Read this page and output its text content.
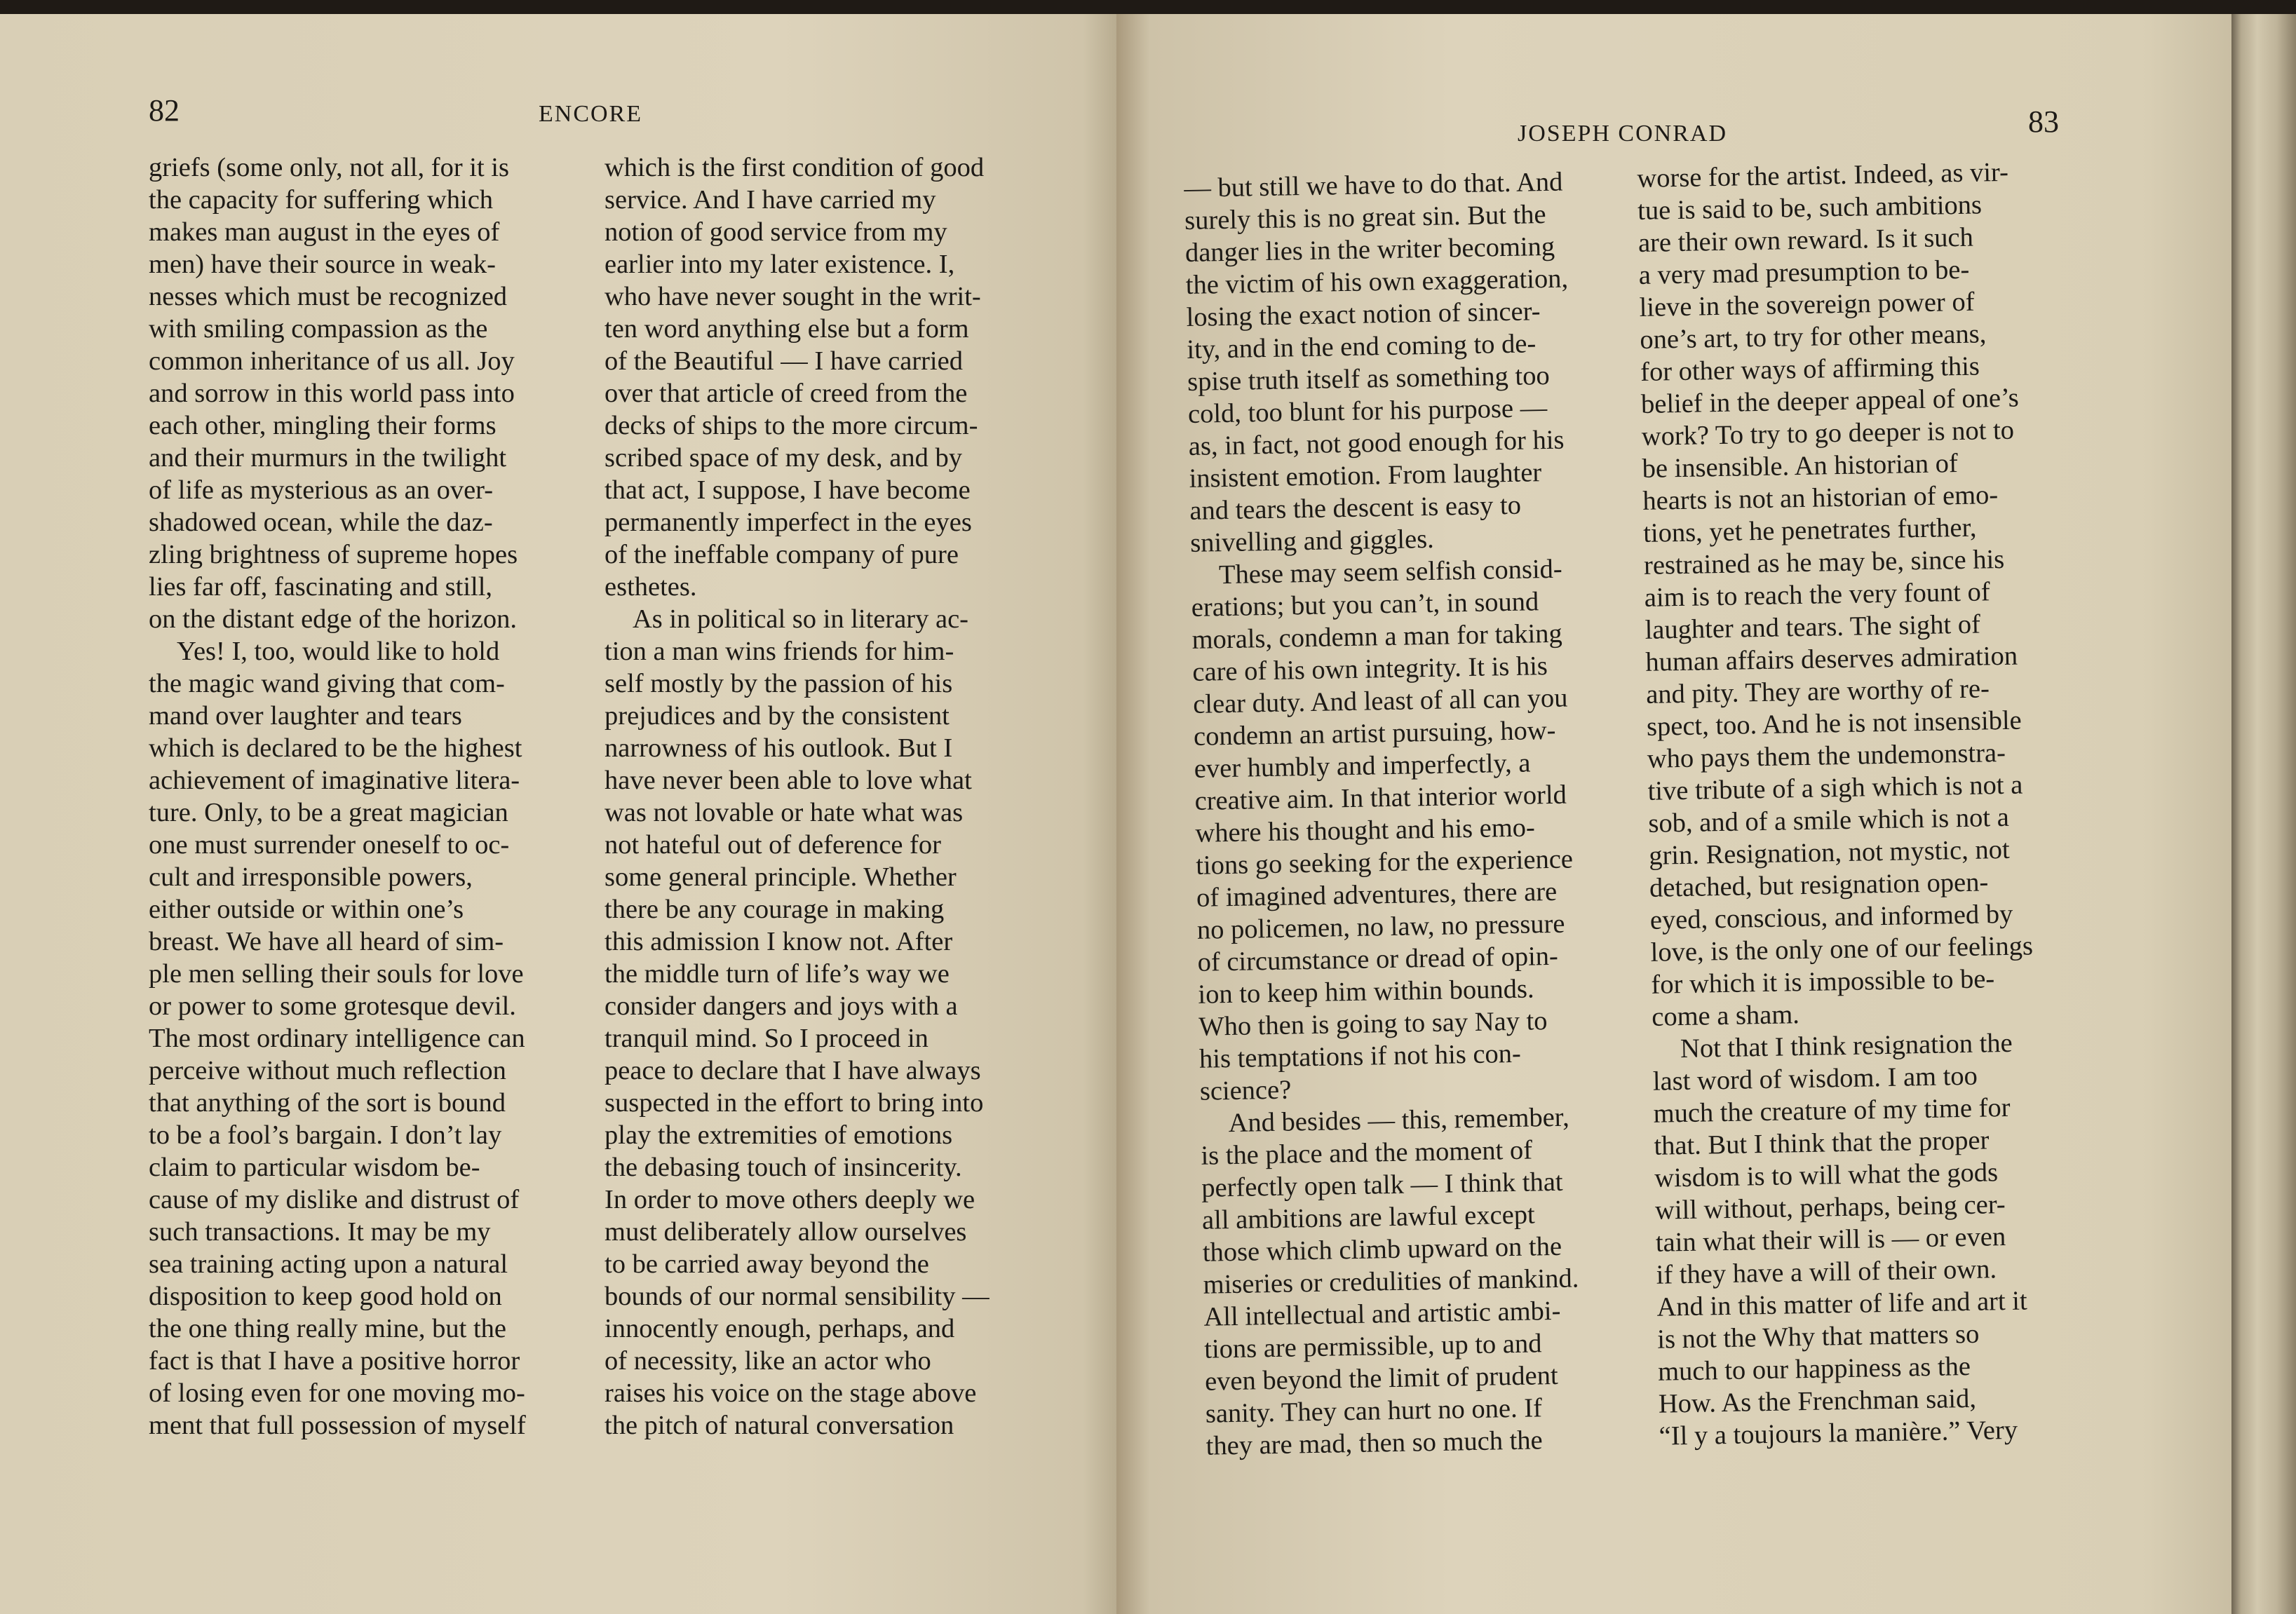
82	ENCORE
griefs (some only, not all, for it is
the capacity for suffering which
makes man august in the eyes of
men) have their source in weak-
nesses which must be recognized
with smiling compassion as the
common inheritance of us all. Joy
and sorrow in this world pass into
each other, mingling their forms
and their murmurs in the twilight
of life as mysterious as an over-
shadowed ocean, while the daz-
zling brightness of supreme hopes
lies far off, fascinating and still,
on the distant edge of the horizon.
Yes! I, too, would like to hold
the magic wand giving that com-
mand over laughter and tears
which is declared to be the highest
achievement of imaginative litera-
ture. Only, to be a great magician
one must surrender oneself to oc-
cult and irresponsible powers,
either outside or within one’s
breast. We have all heard of sim-
ple men selling their souls for love
or power to some grotesque devil.
The most ordinary intelligence can
perceive without much reflection
that anything of the sort is bound
to be a fool’s bargain. I don’t lay
claim to particular wisdom be-
cause of my dislike and distrust of
such transactions. It may be my
sea training acting upon a natural
disposition to keep good hold on
the one thing really mine, but the
fact is that I have a positive horror
of losing even for one moving mo-
ment that full possession of myself
which is the first condition of good
service. And I have carried my
notion of good service from my
earlier into my later existence. I,
who have never sought in the writ-
ten word anything else but a form
of the Beautiful — I have carried
over that article of creed from the
decks of ships to the more circum-
scribed space of my desk, and by
that act, I suppose, I have become
permanently imperfect in the eyes
of the ineffable company of pure
esthetes.
As in political so in literary ac-
tion a man wins friends for him-
self mostly by the passion of his
prejudices and by the consistent
narrowness of his outlook. But I
have never been able to love what
was not lovable or hate what was
not hateful out of deference for
some general principle. Whether
there be any courage in making
this admission I know not. After
the middle turn of life’s way we
consider dangers and joys with a
tranquil mind. So I proceed in
peace to declare that I have always
suspected in the effort to bring into
play the extremities of emotions
the debasing touch of insincerity.
In order to move others deeply we
must deliberately allow ourselves
to be carried away beyond the
bounds of our normal sensibility —
innocently enough, perhaps, and
of necessity, like an actor who
raises his voice on the stage above
the pitch of natural conversation
JOSEPH CONRAD	83
— but still we have to do that. And
surely this is no great sin. But the
danger lies in the writer becoming
the victim of his own exaggeration,
losing the exact notion of sincer-
ity, and in the end coming to de-
spise truth itself as something too
cold, too blunt for his purpose —
as, in fact, not good enough for his
insistent emotion. From laughter
and tears the descent is easy to
snivelling and giggles.
These may seem selfish consid-
erations; but you can’t, in sound
morals, condemn a man for taking
care of his own integrity. It is his
clear duty. And least of all can you
condemn an artist pursuing, how-
ever humbly and imperfectly, a
creative aim. In that interior world
where his thought and his emo-
tions go seeking for the experience
of imagined adventures, there are
no policemen, no law, no pressure
of circumstance or dread of opin-
ion to keep him within bounds.
Who then is going to say Nay to
his temptations if not his con-
science?
And besides — this, remember,
is the place and the moment of
perfectly open talk — I think that
all ambitions are lawful except
those which climb upward on the
miseries or credulities of mankind.
All intellectual and artistic ambi-
tions are permissible, up to and
even beyond the limit of prudent
sanity. They can hurt no one. If
they are mad, then so much the
worse for the artist. Indeed, as vir-
tue is said to be, such ambitions
are their own reward. Is it such
a very mad presumption to be-
lieve in the sovereign power of
one’s art, to try for other means,
for other ways of affirming this
belief in the deeper appeal of one’s
work? To try to go deeper is not to
be insensible. An historian of
hearts is not an historian of emo-
tions, yet he penetrates further,
restrained as he may be, since his
aim is to reach the very fount of
laughter and tears. The sight of
human affairs deserves admiration
and pity. They are worthy of re-
spect, too. And he is not insensible
who pays them the undemonstra-
tive tribute of a sigh which is not a
sob, and of a smile which is not a
grin. Resignation, not mystic, not
detached, but resignation open-
eyed, conscious, and informed by
love, is the only one of our feelings
for which it is impossible to be-
come a sham.
Not that I think resignation the
last word of wisdom. I am too
much the creature of my time for
that. But I think that the proper
wisdom is to will what the gods
will without, perhaps, being cer-
tain what their will is — or even
if they have a will of their own.
And in this matter of life and art it
is not the Why that matters so
much to our happiness as the
How. As the Frenchman said,
“Il y a toujours la manière.” Very
